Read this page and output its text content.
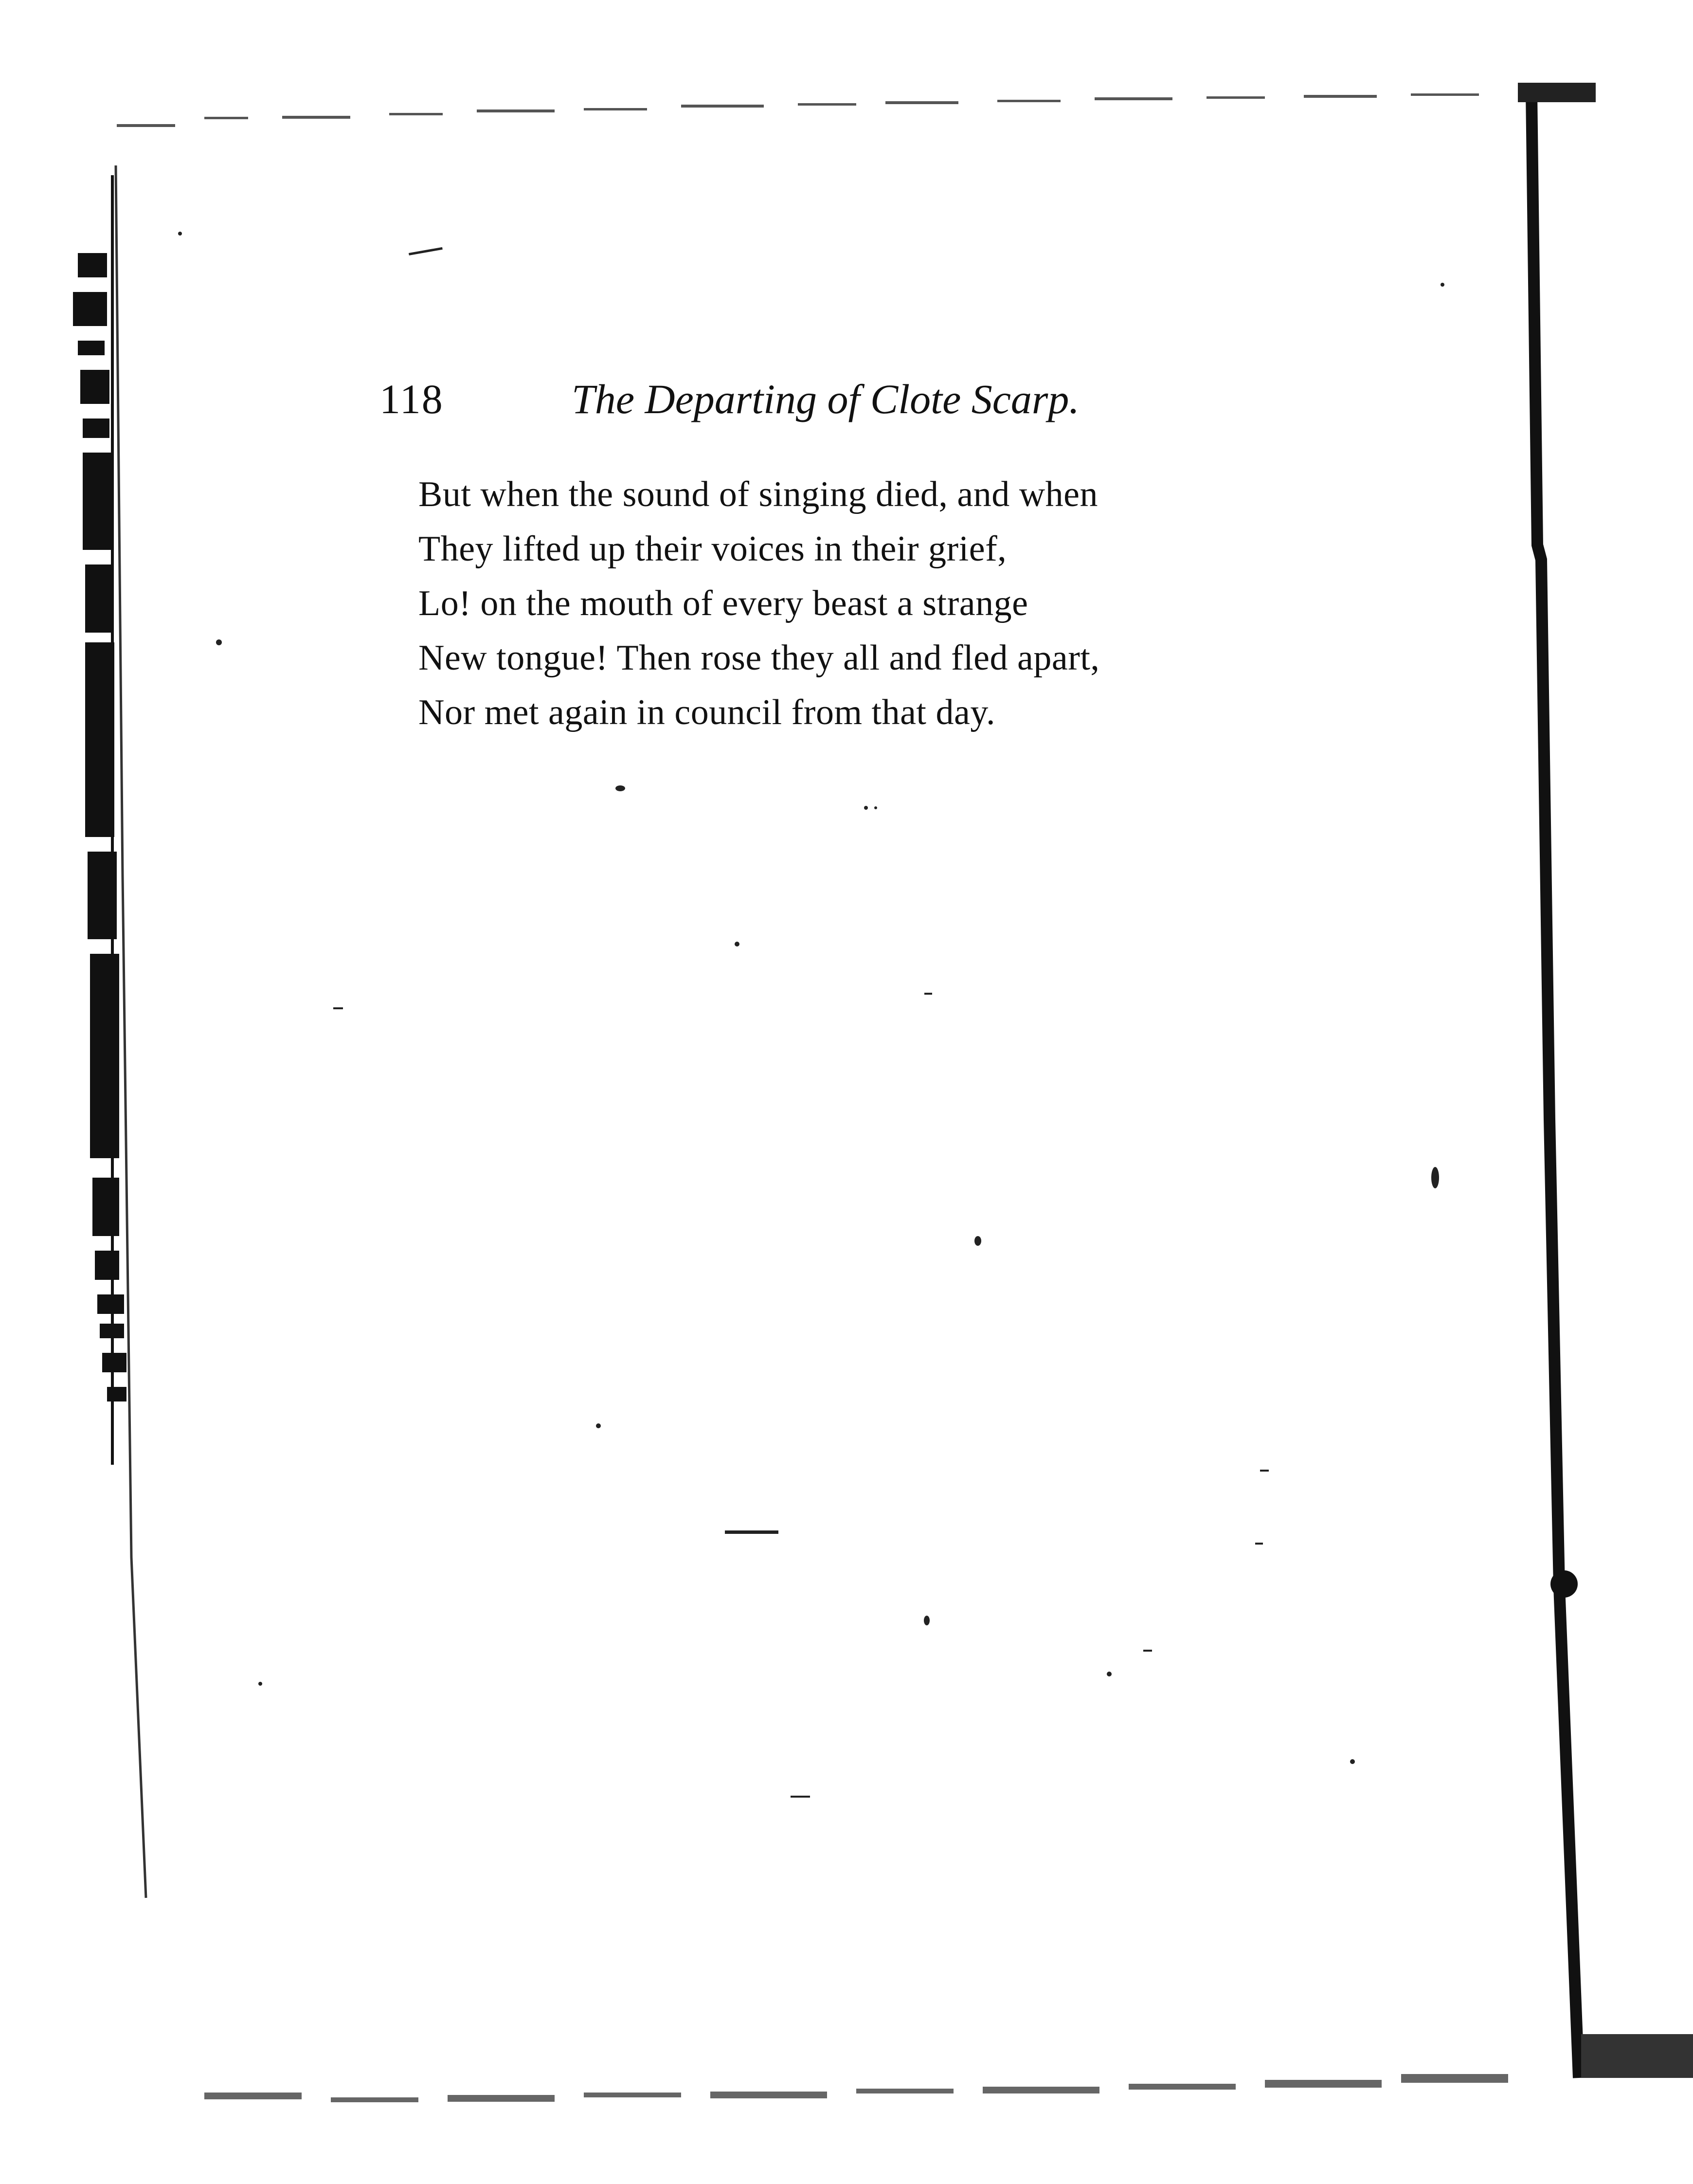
118	The Departing of Clote Scarp.
But when the sound of singing died, and when
They lifted up their voices in their grief,
Lo! on the mouth of every beast a strange
New tongue! Then rose they all and fled apart,
Nor met again in council from that day.
